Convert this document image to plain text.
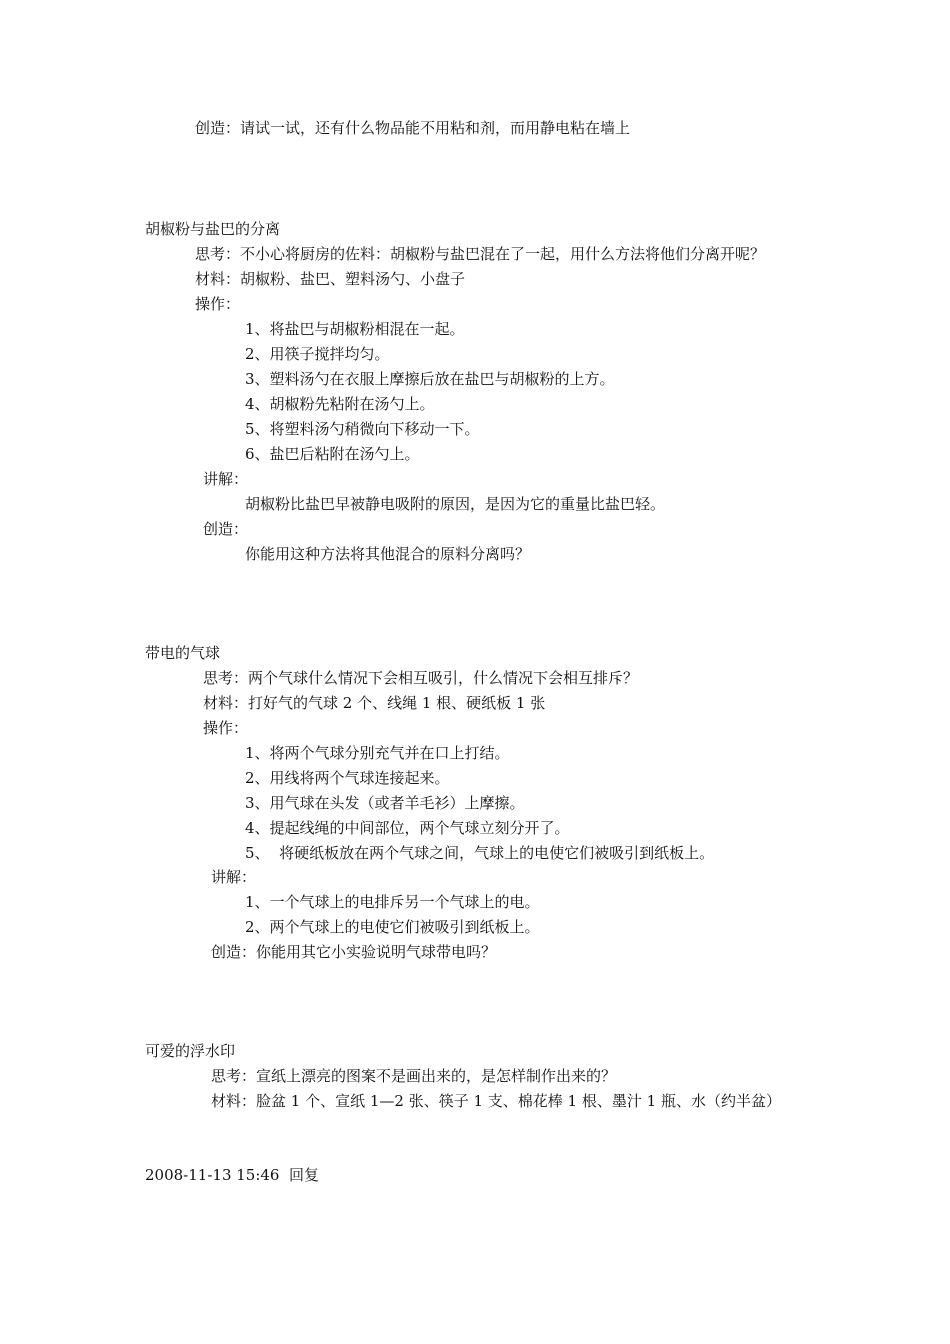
创造：请试一试，还有什么物品能不用粘和剂，而用静电粘在墙上

胡椒粉与盐巴的分离

思考：不小心将厨房的佐料：胡椒粉与盐巴混在了一起，用什么方法将他们分离开呢？

材料：胡椒粉、盐巴、塑料汤勺、小盘子

操作：

1、将盐巴与胡椒粉相混在一起。

2、用筷子搅拌均匀。

3、塑料汤勺在衣服上摩擦后放在盐巴与胡椒粉的上方。

4、胡椒粉先粘附在汤勺上。

5、将塑料汤勺稍微向下移动一下。

6、盐巴后粘附在汤勺上。

讲解：

胡椒粉比盐巴早被静电吸附的原因，是因为它的重量比盐巴轻。

创造：

你能用这种方法将其他混合的原料分离吗？

带电的气球

思考：两个气球什么情况下会相互吸引，什么情况下会相互排斥？

材料：打好气的气球 2 个、线绳 1 根、硬纸板 1 张

操作：

1、将两个气球分别充气并在口上打结。

2、用线将两个气球连接起来。

3、用气球在头发（或者羊毛衫）上摩擦。

4、提起线绳的中间部位，两个气球立刻分开了。

5、  将硬纸板放在两个气球之间，气球上的电使它们被吸引到纸板上。

讲解：

1、一个气球上的电排斥另一个气球上的电。

2、两个气球上的电使它们被吸引到纸板上。

创造：你能用其它小实验说明气球带电吗？

可爱的浮水印

思考：宣纸上漂亮的图案不是画出来的，是怎样制作出来的？

材料：脸盆 1 个、宣纸 1—2 张、筷子 1 支、棉花棒 1 根、墨汁 1 瓶、水（约半盆）

2008-11-13 15:46 回复
